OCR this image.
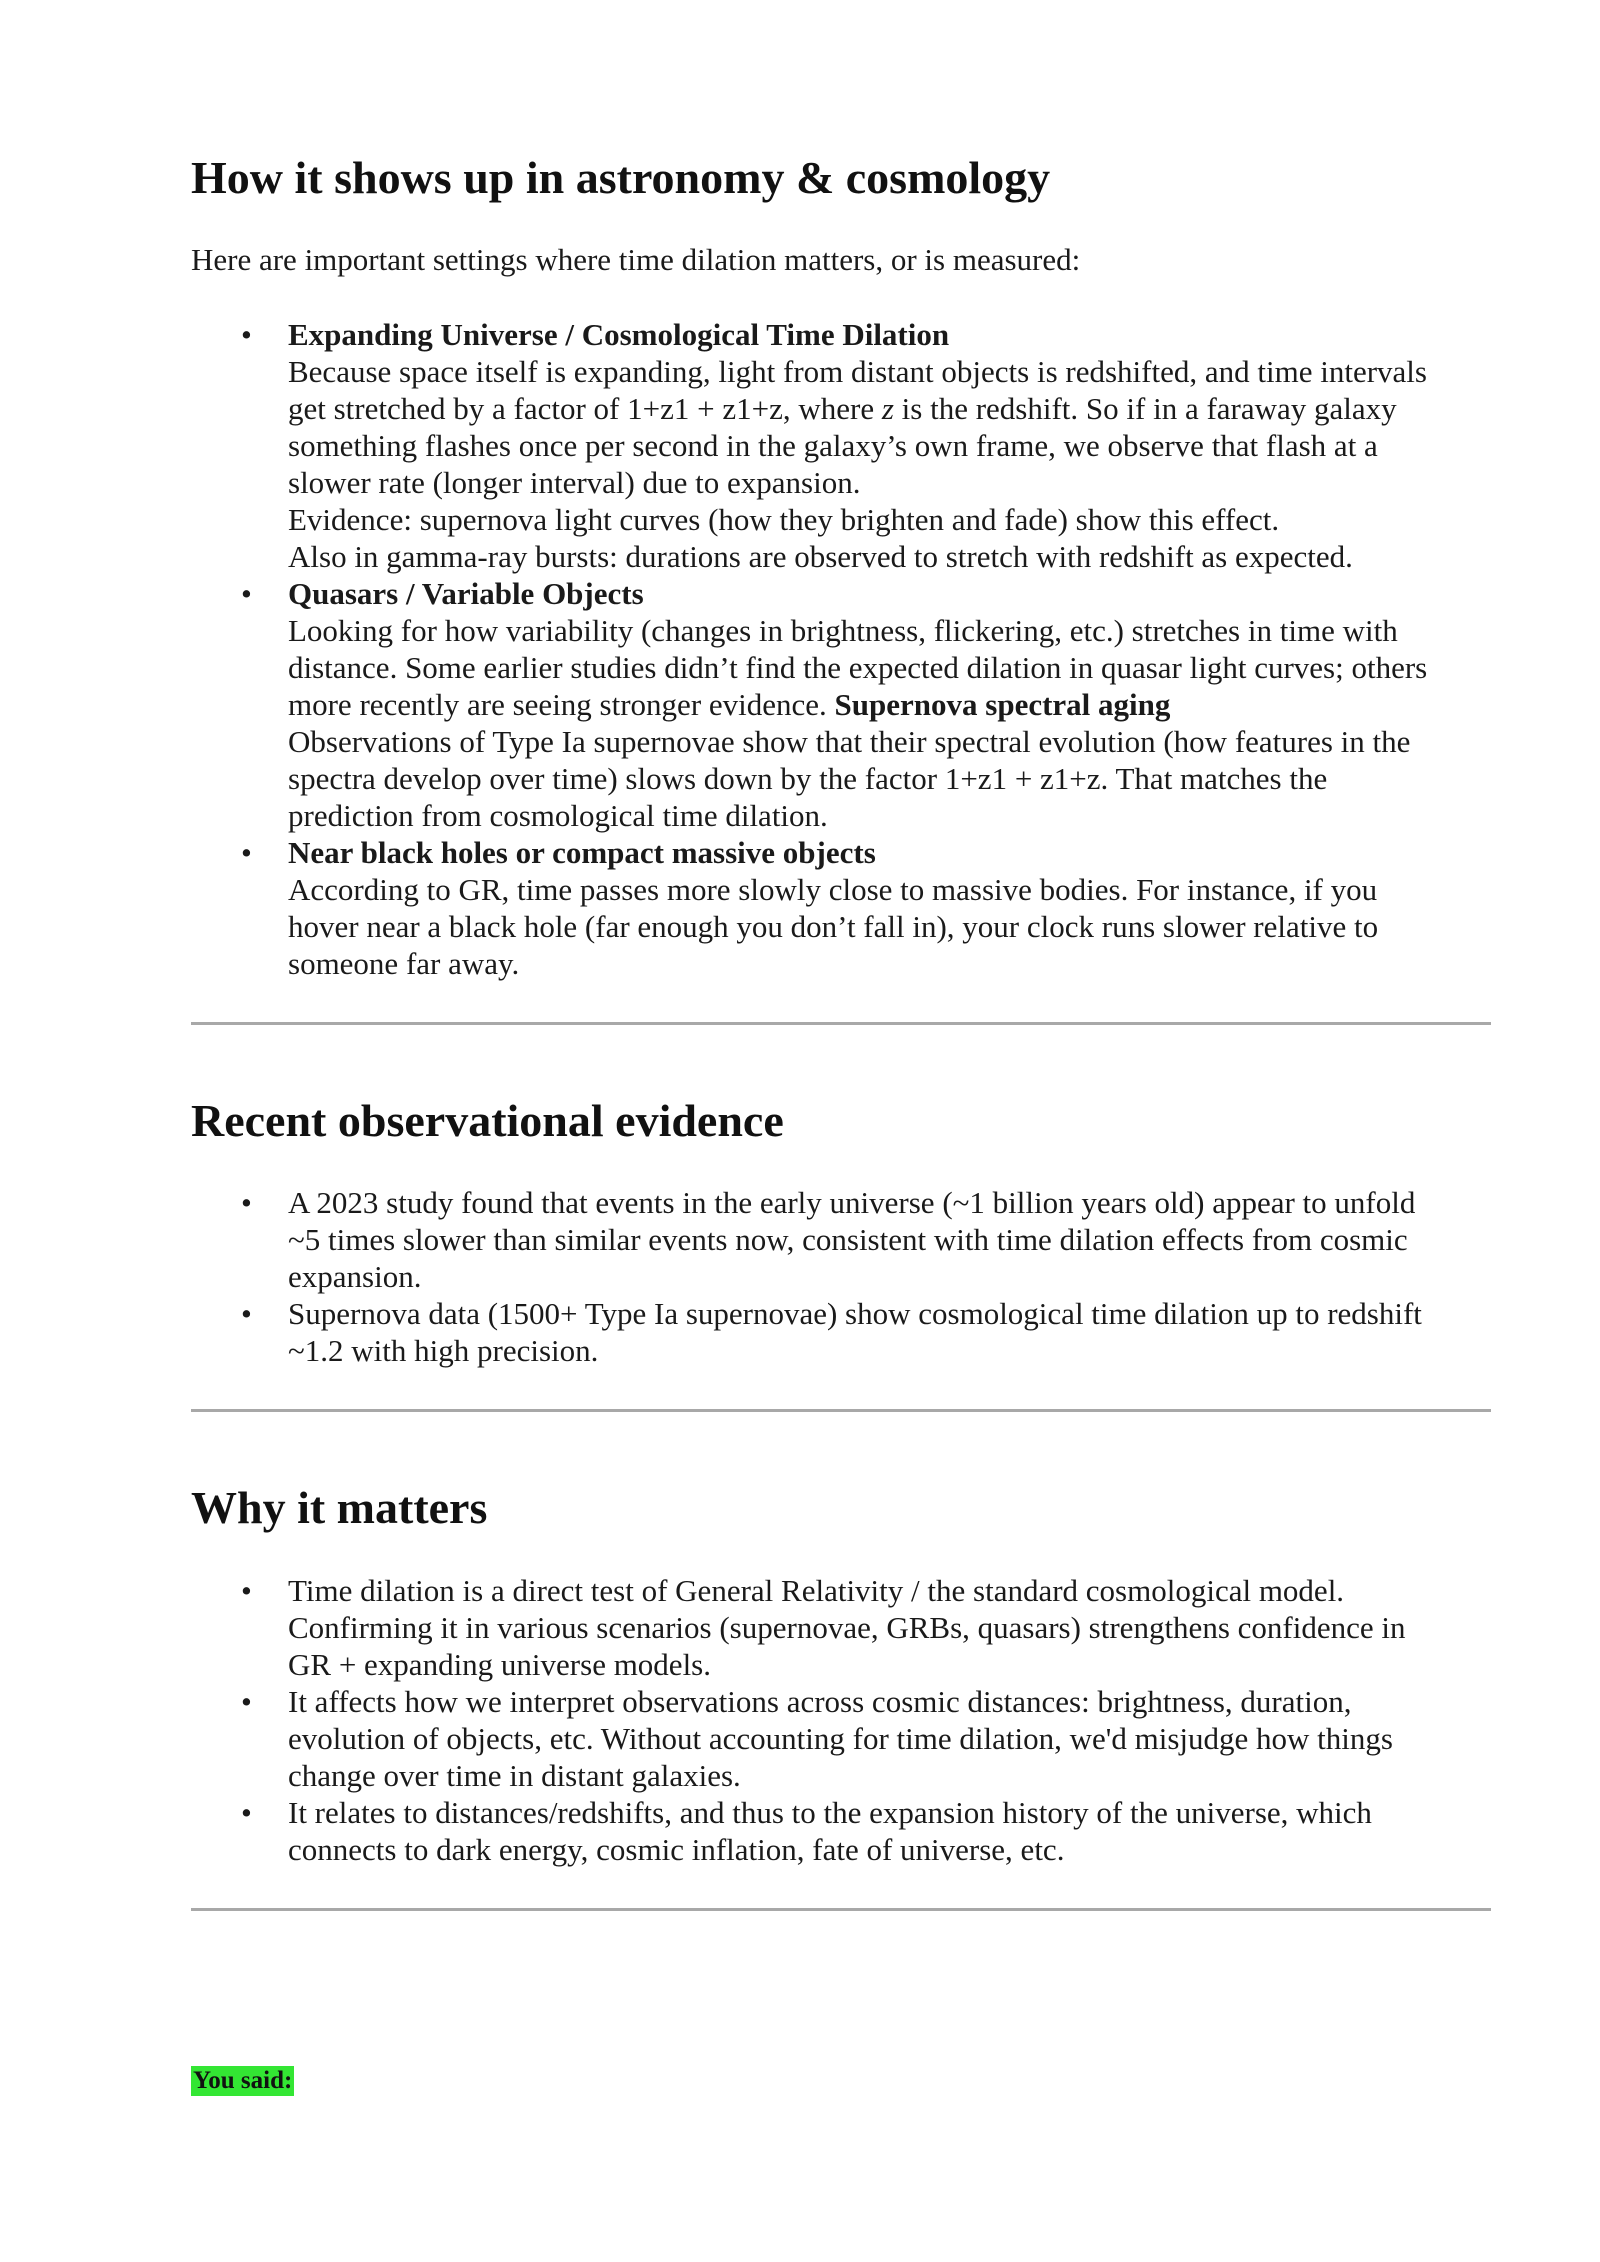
How it shows up in astronomy & cosmology

Here are important settings where time dilation matters, or is measured:

• Expanding Universe / Cosmological Time Dilation
Because space itself is expanding, light from distant objects is redshifted, and time intervals
get stretched by a factor of 1+z1 + z1+z, where z is the redshift. So if in a faraway galaxy
something flashes once per second in the galaxy’s own frame, we observe that flash at a
slower rate (longer interval) due to expansion.
Evidence: supernova light curves (how they brighten and fade) show this effect.
Also in gamma-ray bursts: durations are observed to stretch with redshift as expected.
• Quasars / Variable Objects
Looking for how variability (changes in brightness, flickering, etc.) stretches in time with
distance. Some earlier studies didn’t find the expected dilation in quasar light curves; others
more recently are seeing stronger evidence. Supernova spectral aging
Observations of Type Ia supernovae show that their spectral evolution (how features in the
spectra develop over time) slows down by the factor 1+z1 + z1+z. That matches the
prediction from cosmological time dilation.
• Near black holes or compact massive objects
According to GR, time passes more slowly close to massive bodies. For instance, if you
hover near a black hole (far enough you don’t fall in), your clock runs slower relative to
someone far away.
Recent observational evidence
• A 2023 study found that events in the early universe (~1 billion years old) appear to unfold
~5 times slower than similar events now, consistent with time dilation effects from cosmic
expansion.
• Supernova data (1500+ Type Ia supernovae) show cosmological time dilation up to redshift
~1.2 with high precision.
Why it matters
• Time dilation is a direct test of General Relativity / the standard cosmological model.
Confirming it in various scenarios (supernovae, GRBs, quasars) strengthens confidence in
GR + expanding universe models.
• It affects how we interpret observations across cosmic distances: brightness, duration,
evolution of objects, etc. Without accounting for time dilation, we'd misjudge how things
change over time in distant galaxies.
• It relates to distances/redshifts, and thus to the expansion history of the universe, which
connects to dark energy, cosmic inflation, fate of universe, etc.
You said:
